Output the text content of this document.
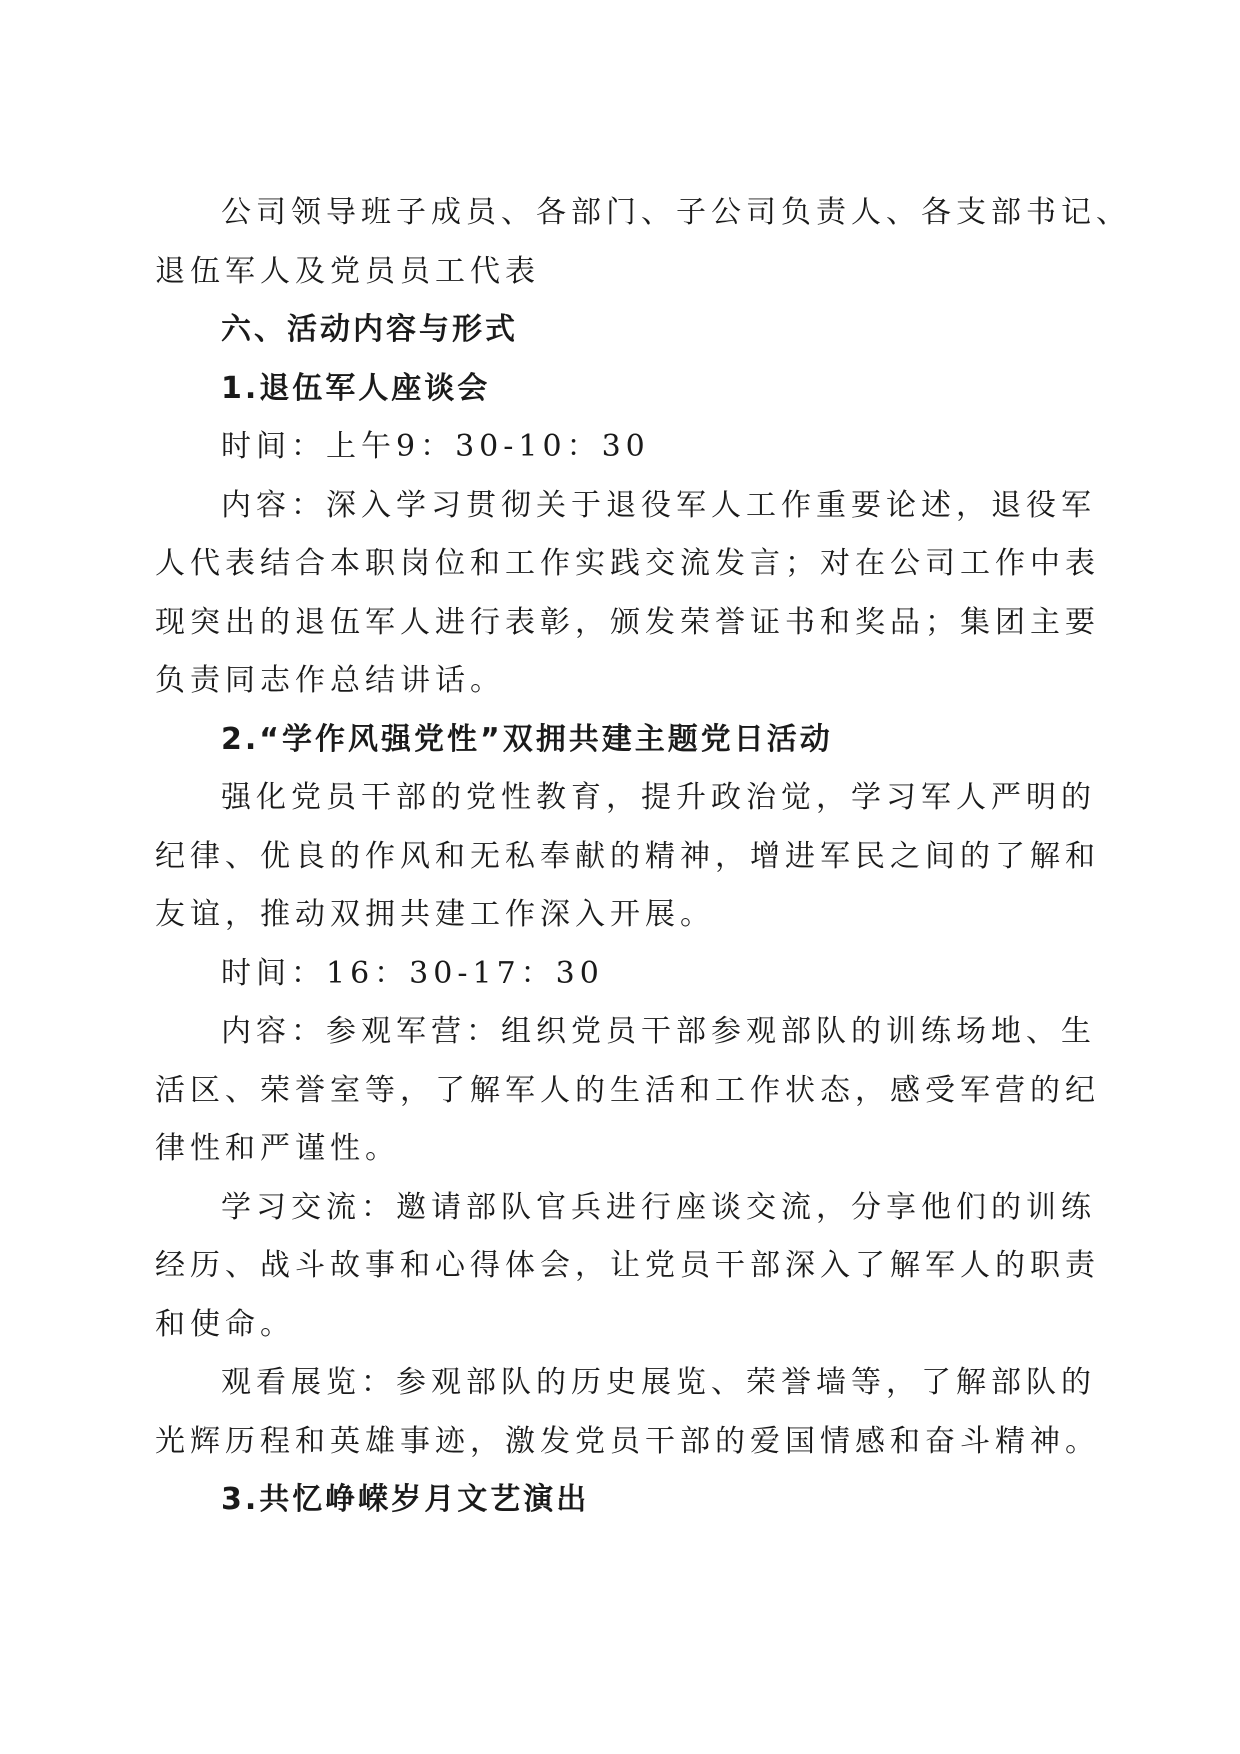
公司领导班子成员、各部门、子公司负责人、各支部书记、
退伍军人及党员员工代表
六、活动内容与形式
1.退伍军人座谈会
时间：上午9：30-10：30
内容：深入学习贯彻关于退役军人工作重要论述，退役军
人代表结合本职岗位和工作实践交流发言；对在公司工作中表
现突出的退伍军人进行表彰，颁发荣誉证书和奖品；集团主要
负责同志作总结讲话。
2.“学作风强党性”双拥共建主题党日活动
强化党员干部的党性教育，提升政治觉，学习军人严明的
纪律、优良的作风和无私奉献的精神，增进军民之间的了解和
友谊，推动双拥共建工作深入开展。
时间：16：30-17：30
内容：参观军营：组织党员干部参观部队的训练场地、生
活区、荣誉室等，了解军人的生活和工作状态，感受军营的纪
律性和严谨性。
学习交流：邀请部队官兵进行座谈交流，分享他们的训练
经历、战斗故事和心得体会，让党员干部深入了解军人的职责
和使命。
观看展览：参观部队的历史展览、荣誉墙等，了解部队的
光辉历程和英雄事迹，激发党员干部的爱国情感和奋斗精神。
3.共忆峥嵘岁月文艺演出
